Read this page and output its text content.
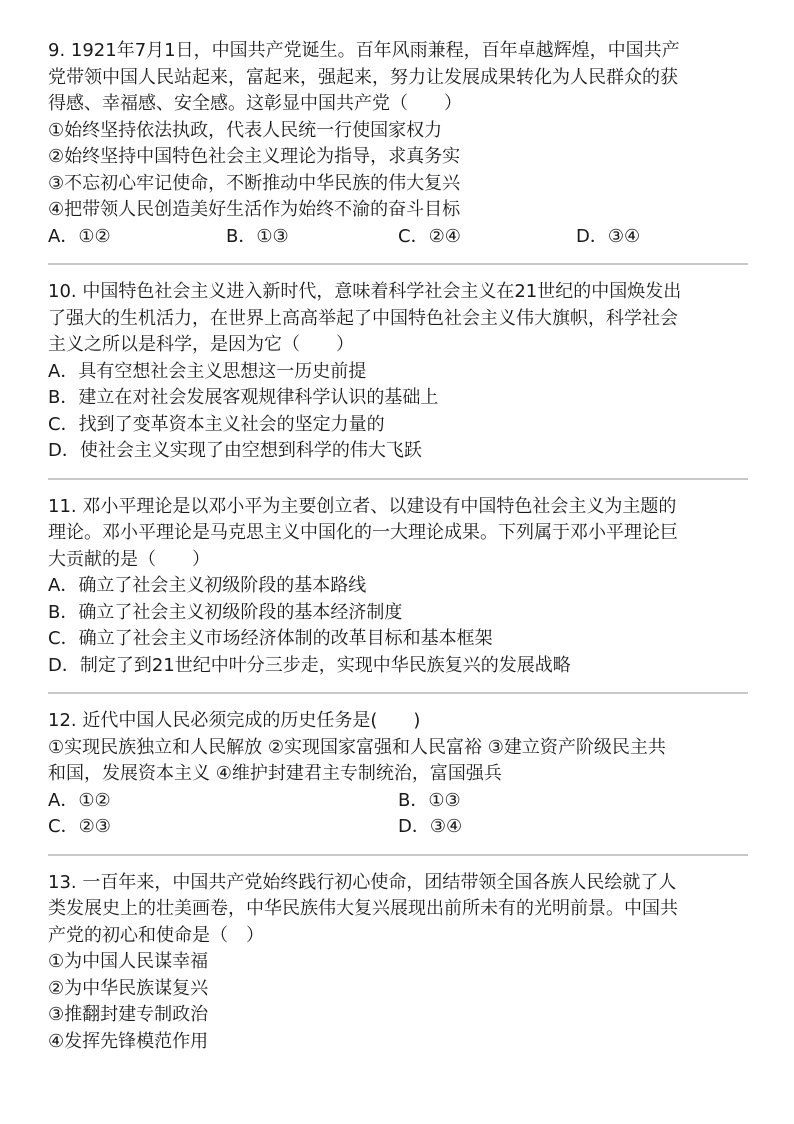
9. 1921年7月1日，中国共产党诞生。百年风雨兼程，百年卓越辉煌，中国共产

党带领中国人民站起来，富起来，强起来，努力让发展成果转化为人民群众的获

得感、幸福感、安全感。这彰显中国共产党（　　）

①始终坚持依法执政，代表人民统一行使国家权力

②始终坚持中国特色社会主义理论为指导，求真务实

③不忘初心牢记使命，不断推动中华民族的伟大复兴

④把带领人民创造美好生活作为始终不渝的奋斗目标

A．①②	B．①③	C．②④	D．③④

10. 中国特色社会主义进入新时代，意味着科学社会主义在21世纪的中国焕发出

了强大的生机活力，在世界上高高举起了中国特色社会主义伟大旗帜，科学社会

主义之所以是科学，是因为它（　　）

A．具有空想社会主义思想这一历史前提

B．建立在对社会发展客观规律科学认识的基础上

C．找到了变革资本主义社会的坚定力量的

D．使社会主义实现了由空想到科学的伟大飞跃

11. 邓小平理论是以邓小平为主要创立者、以建设有中国特色社会主义为主题的

理论。邓小平理论是马克思主义中国化的一大理论成果。下列属于邓小平理论巨

大贡献的是（　　）

A．确立了社会主义初级阶段的基本路线

B．确立了社会主义初级阶段的基本经济制度

C．确立了社会主义市场经济体制的改革目标和基本框架

D．制定了到21世纪中叶分三步走，实现中华民族复兴的发展战略

12. 近代中国人民必须完成的历史任务是(　　)

①实现民族独立和人民解放 ②实现国家富强和人民富裕 ③建立资产阶级民主共

和国，发展资本主义 ④维护封建君主专制统治，富国强兵

A．①②	B．①③
C．②③	D．③④

13. 一百年来，中国共产党始终践行初心使命，团结带领全国各族人民绘就了人

类发展史上的壮美画卷，中华民族伟大复兴展现出前所未有的光明前景。中国共

产党的初心和使命是（　）

①为中国人民谋幸福

②为中华民族谋复兴

③推翻封建专制政治

④发挥先锋模范作用
